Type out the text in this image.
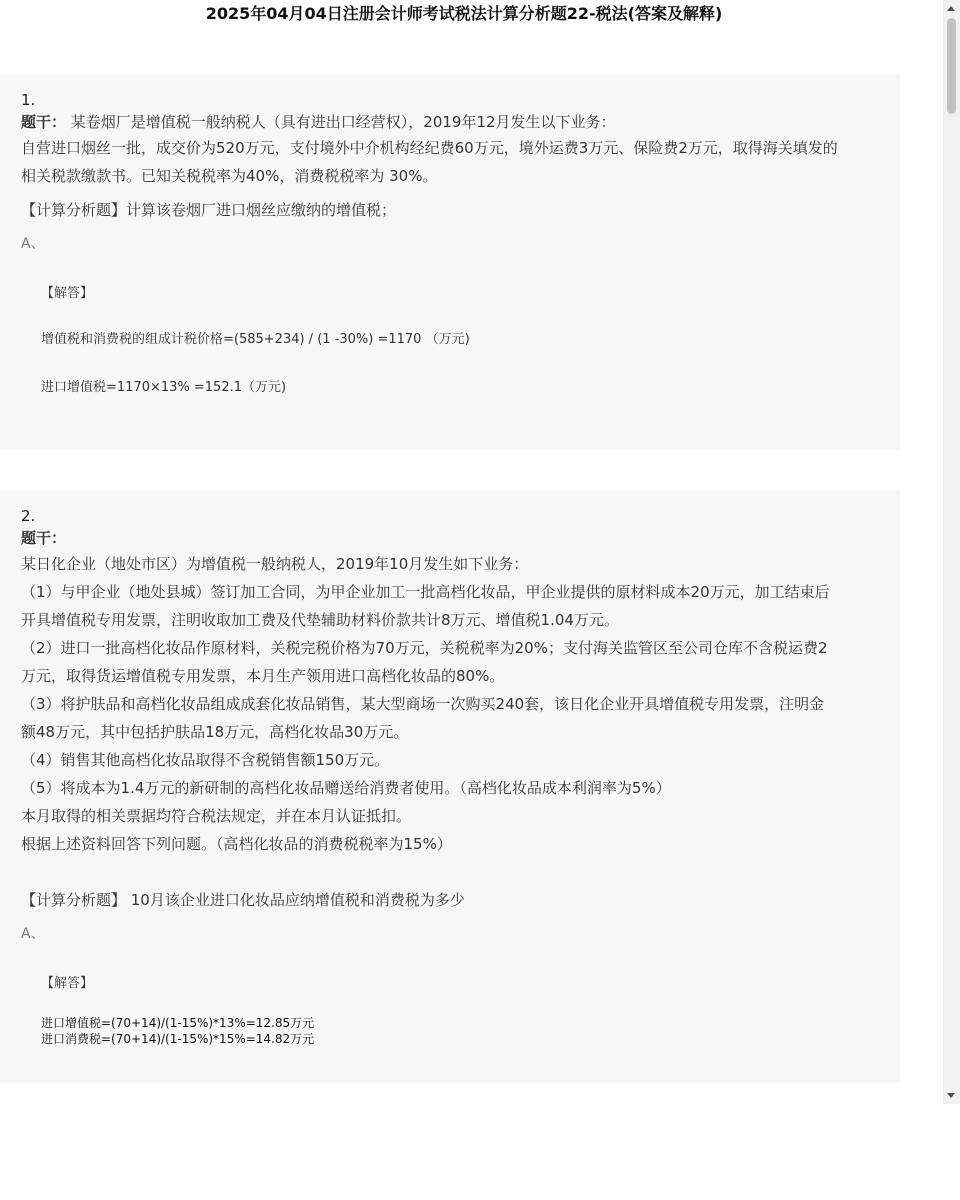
2025年04月04日注册会计师考试税法计算分析题22-税法(答案及解释)
1.
题干： 某卷烟厂是增值税一般纳税人（具有进出口经营权），2019年12月发生以下业务：
自营进口烟丝一批，成交价为520万元，支付境外中介机构经纪费60万元，境外运费3万元、保险费2万元，取得海关填发的
相关税款缴款书。已知关税税率为40%，消费税税率为 30%。
【计算分析题】计算该卷烟厂进口烟丝应缴纳的增值税；
A、
【解答】
增值税和消费税的组成计税价格=(585+234) / (1 -30%) =1170 （万元)
进口增值税=1170×13% =152.1（万元)
2.
题干：
某日化企业（地处市区）为增值税一般纳税人，2019年10月发生如下业务：
（1）与甲企业（地处县城）签订加工合同，为甲企业加工一批高档化妆品，甲企业提供的原材料成本20万元，加工结束后
开具增值税专用发票，注明收取加工费及代垫辅助材料价款共计8万元、增值税1.04万元。
（2）进口一批高档化妆品作原材料，关税完税价格为70万元，关税税率为20%；支付海关监管区至公司仓库不含税运费2
万元，取得货运增值税专用发票，本月生产领用进口高档化妆品的80%。
（3）将护肤品和高档化妆品组成成套化妆品销售，某大型商场一次购买240套，该日化企业开具增值税专用发票，注明金
额48万元，其中包括护肤品18万元，高档化妆品30万元。
（4）销售其他高档化妆品取得不含税销售额150万元。
（5）将成本为1.4万元的新研制的高档化妆品赠送给消费者使用。（高档化妆品成本利润率为5%）
本月取得的相关票据均符合税法规定，并在本月认证抵扣。
根据上述资料回答下列问题。（高档化妆品的消费税税率为15%）
【计算分析题】 10月该企业进口化妆品应纳增值税和消费税为多少
A、
【解答】
进口增值税=(70+14)/(1-15%)*13%=12.85万元
进口消费税=(70+14)/(1-15%)*15%=14.82万元
